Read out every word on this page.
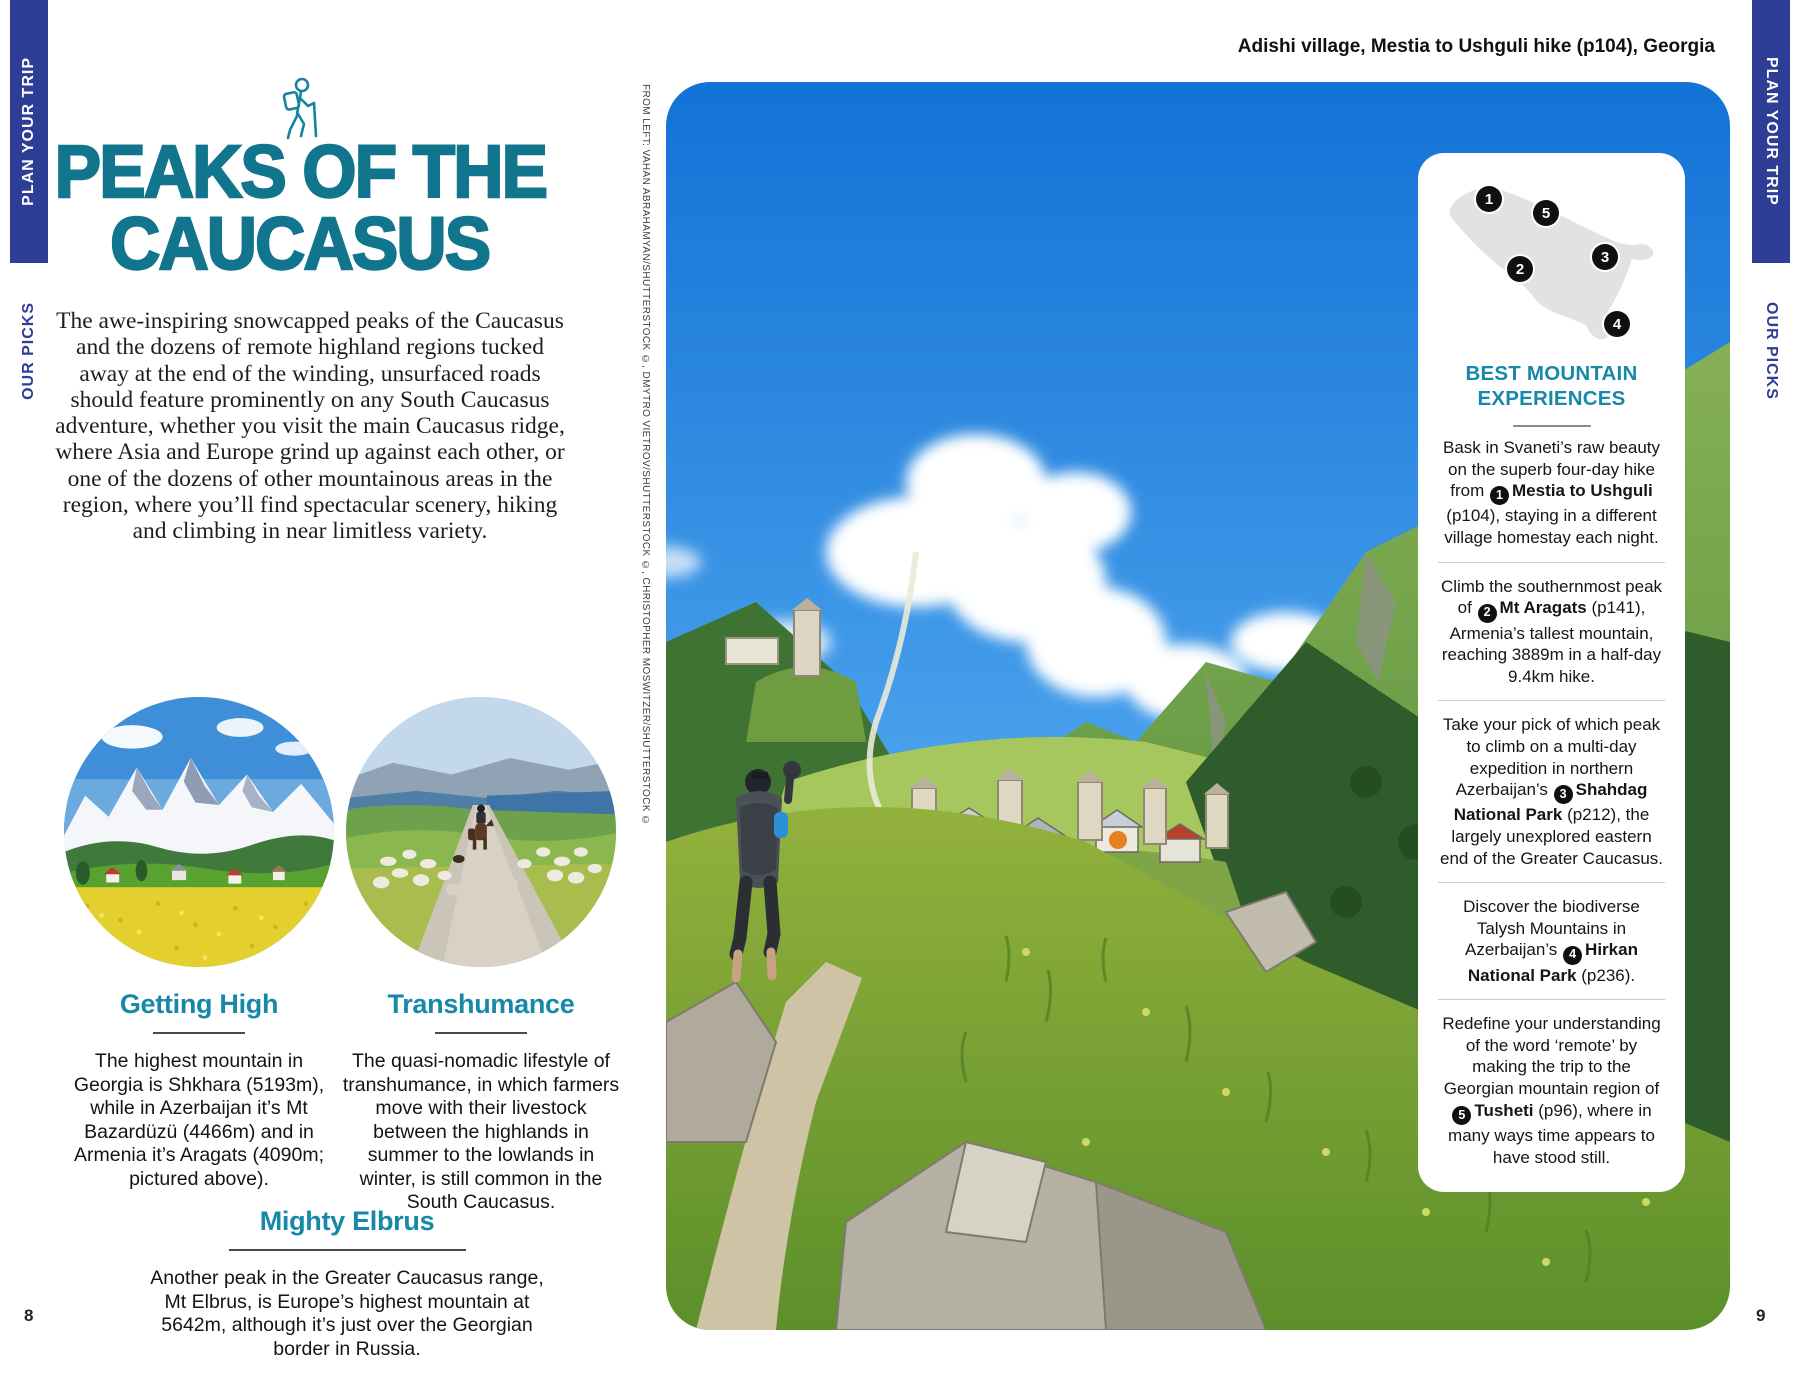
PLAN YOUR TRIP
OUR PICKS
PLAN YOUR TRIP
OUR PICKS
PEAKS OF THE
CAUCASUS

The awe-inspiring snowcapped peaks of the Caucasus and the dozens of remote highland regions tucked away at the end of the winding, unsurfaced roads should feature prominently on any South Caucasus adventure, whether you visit the main Caucasus ridge, where Asia and Europe grind up against each other, or one of the dozens of other mountainous areas in the region, where you’ll find spectacular scenery, hiking and climbing in near limitless variety.

Getting High

The highest mountain in Georgia is Shkhara (5193m), while in Azerbaijan it’s Mt Bazardüzü (4466m) and in Armenia it’s Aragats (4090m; pictured above).

Transhumance

The quasi-nomadic lifestyle of transhumance, in which farmers move with their livestock between the highlands in summer to the lowlands in winter, is still common in the South Caucasus.

Mighty Elbrus

Another peak in the Greater Caucasus range, Mt Elbrus, is Europe’s highest mountain at 5642m, although it’s just over the Georgian border in Russia.

Adishi village, Mestia to Ushguli hike (p104), Georgia
FROM LEFT: VAHAN ABRAHAMYAN/SHUTTERSTOCK ©, DMYTRO VIETROV/SHUTTERSTOCK ©, CHRISTOPHER MOSWITZER/SHUTTERSTOCK ©	1
5
2
3
4
BEST MOUNTAIN
EXPERIENCES
Bask in Svaneti’s raw beauty on the superb four-day hike from 1 Mestia to Ushguli (p104), staying in a different village homestay each night.
Climb the southernmost peak of 2 Mt Aragats (p141), Armenia’s tallest mountain, reaching 3889m in a half-day 9.4km hike.
Take your pick of which peak to climb on a multi-day expedition in northern Azerbaijan’s 3 Shahdag National Park (p212), the largely unexplored eastern end of the Greater Caucasus.
Discover the biodiverse Talysh Mountains in Azerbaijan’s 4 Hirkan National Park (p236).
Redefine your understanding of the word ‘remote’ by making the trip to the Georgian mountain region of 5 Tusheti (p96), where in many ways time appears to have stood still.
8	9
